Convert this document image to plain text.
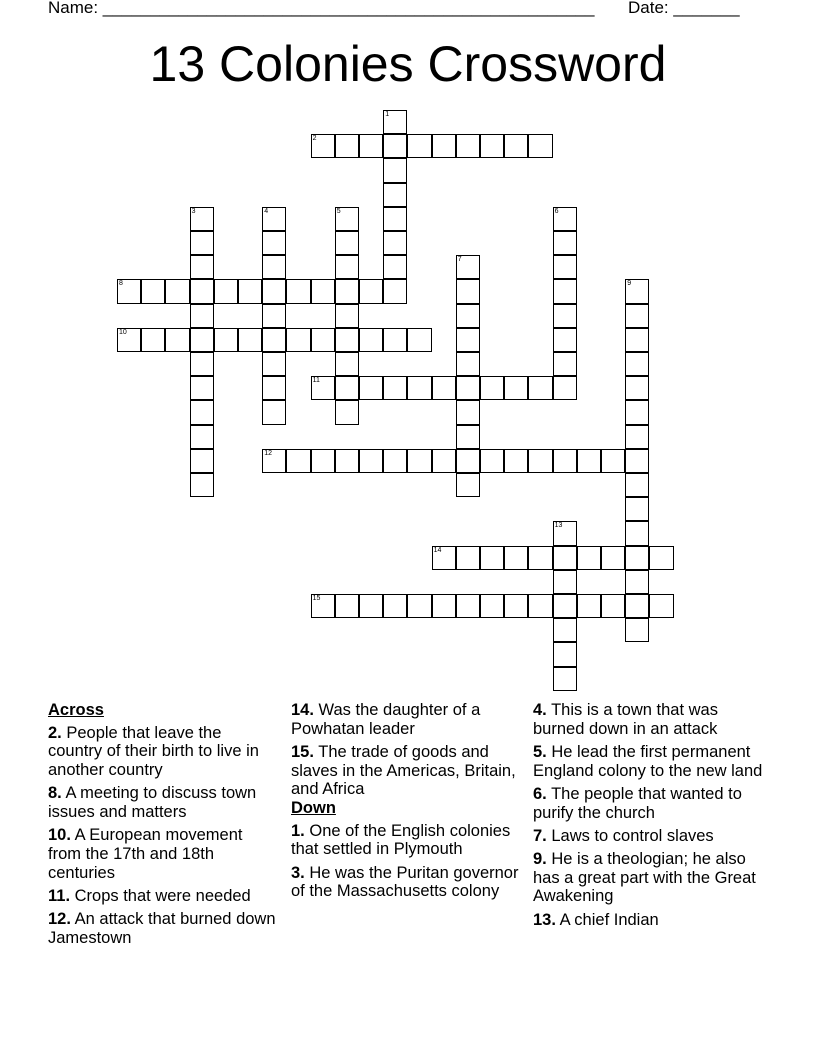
Name: ____________________________________________________ Date: _______
13 Colonies Crossword
1
2
3	4	5	6
7
8	9
10
11
12
13
14
15
Across
2. People that leave the country of their birth to live in another country
8. A meeting to discuss town issues and matters
10. A European movement from the 17th and 18th centuries
11. Crops that were needed
12. An attack that burned down Jamestown
14. Was the daughter of a Powhatan leader
15. The trade of goods and slaves in the Americas, Britain, and Africa
Down
1. One of the English colonies that settled in Plymouth
3. He was the Puritan governor of the Massachusetts colony
4. This is a town that was burned down in an attack
5. He lead the first permanent England colony to the new land
6. The people that wanted to purify the church
7. Laws to control slaves
9. He is a theologian; he also has a great part with the Great Awakening
13. A chief Indian
